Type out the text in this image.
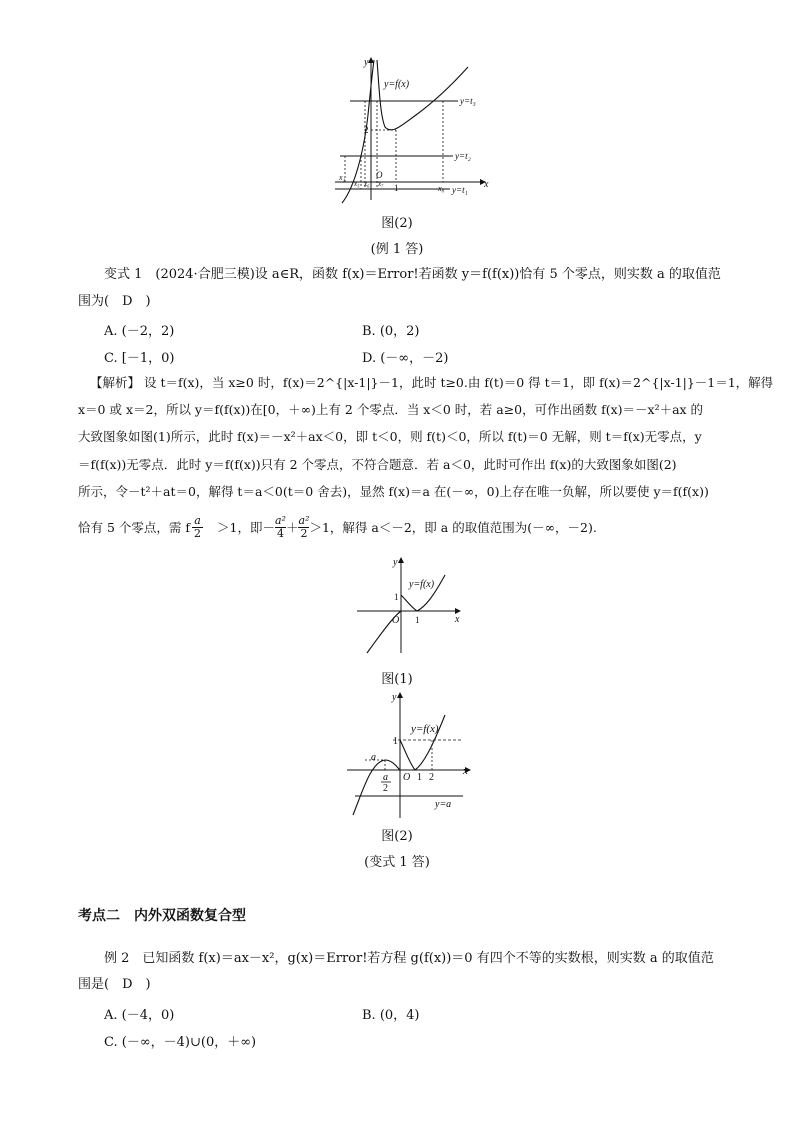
y
x
y=f(x)
y=t₃
y=t₂
y=t₁
2
O
1
x₁
x₅ x₆ x₇	x₈
图(2)
(例 1 答)
变式 1　(2024·合肥三模)设 a∈R，函数 f(x)＝Error!若函数 y＝f(f(x))恰有 5 个零点，则实数 a 的取值范
围为(　D　)
A. (－2，2)	B. (0，2)
C. [－1，0)	D. (－∞，－2)
【解析】 设 t＝f(x)，当 x≥0 时，f(x)＝2^{|x-1|}－1，此时 t≥0.由 f(t)＝0 得 t＝1，即 f(x)＝2^{|x-1|}－1＝1，解得
x＝0 或 x＝2，所以 y＝f(f(x))在[0，＋∞)上有 2 个零点．当 x＜0 时，若 a≥0，可作出函数 f(x)＝－x²＋ax 的
大致图象如图(1)所示，此时 f(x)＝－x²＋ax＜0，即 t＜0，则 f(t)＜0，所以 f(t)＝0 无解，则 t＝f(x)无零点，y
＝f(f(x))无零点．此时 y＝f(f(x))只有 2 个零点，不符合题意．若 a＜0，此时可作出 f(x)的大致图象如图(2)
所示，令－t²＋at＝0，解得 t＝a＜0(t＝0 舍去)，显然 f(x)＝a 在(－∞，0)上存在唯一负解，所以要使 y＝f(f(x))
恰有 5 个零点，需 f a
2 ＞1，即－ a²
4 ＋ a²
2 ＞1，解得 a＜－2，即 a 的取值范围为(－∞，－2).
y
x
y=f(x)
1
O 1
图(1)
y
x
y=f(x)
1
a
O 1 2
a
2
y=a
图(2)
(变式 1 答)
考点二　内外双函数复合型
例 2　已知函数 f(x)＝ax－x²，g(x)＝Error!若方程 g(f(x))＝0 有四个不等的实数根，则实数 a 的取值范
围是(　D　)
A. (－4，0)	B. (0，4)
C. (－∞，－4)∪(0，＋∞)
